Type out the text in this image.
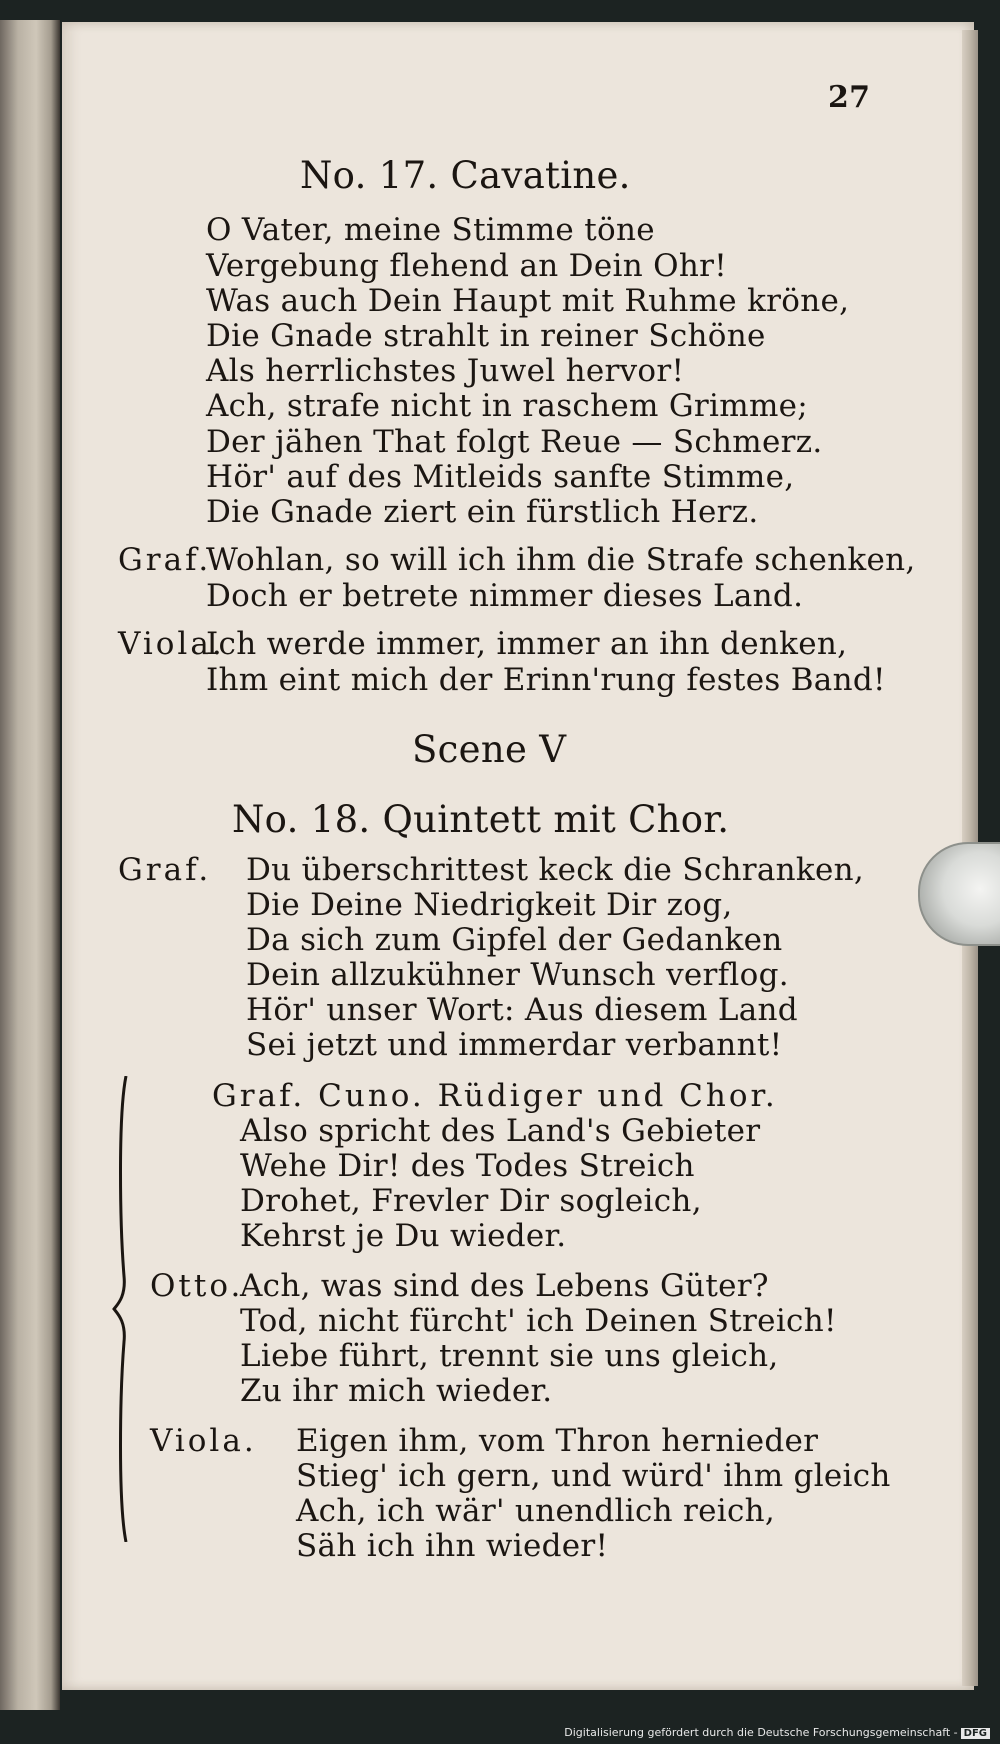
27
No. 17. Cavatine.
O Vater, meine Stimme töne
Vergebung flehend an Dein Ohr!
Was auch Dein Haupt mit Ruhme kröne,
Die Gnade strahlt in reiner Schöne
Als herrlichstes Juwel hervor!
Ach, strafe nicht in raschem Grimme;
Der jähen That folgt Reue — Schmerz.
Hör' auf des Mitleids sanfte Stimme,
Die Gnade ziert ein fürstlich Herz.
Graf.
Wohlan, so will ich ihm die Strafe schenken,
Doch er betrete nimmer dieses Land.
Viola.
Ich werde immer, immer an ihn denken,
Ihm eint mich der Erinn'rung festes Band!
Scene V
No. 18. Quintett mit Chor.
Graf. Du überschrittest keck die Schranken,
Die Deine Niedrigkeit Dir zog,
Da sich zum Gipfel der Gedanken
Dein allzukühner Wunsch verflog.
Hör' unser Wort: Aus diesem Land
Sei jetzt und immerdar verbannt!
Graf. Cuno. Rüdiger und Chor.
Also spricht des Land's Gebieter
Wehe Dir! des Todes Streich
Drohet, Frevler Dir sogleich,
Kehrst je Du wieder.
Otto.
Ach, was sind des Lebens Güter?
Tod, nicht fürcht' ich Deinen Streich!
Liebe führt, trennt sie uns gleich,
Zu ihr mich wieder.
Viola. Eigen ihm, vom Thron hernieder
Stieg' ich gern, und würd' ihm gleich
Ach, ich wär' unendlich reich,
Säh ich ihn wieder!
Digitalisierung gefördert durch die Deutsche Forschungsgemeinschaft - DFG
